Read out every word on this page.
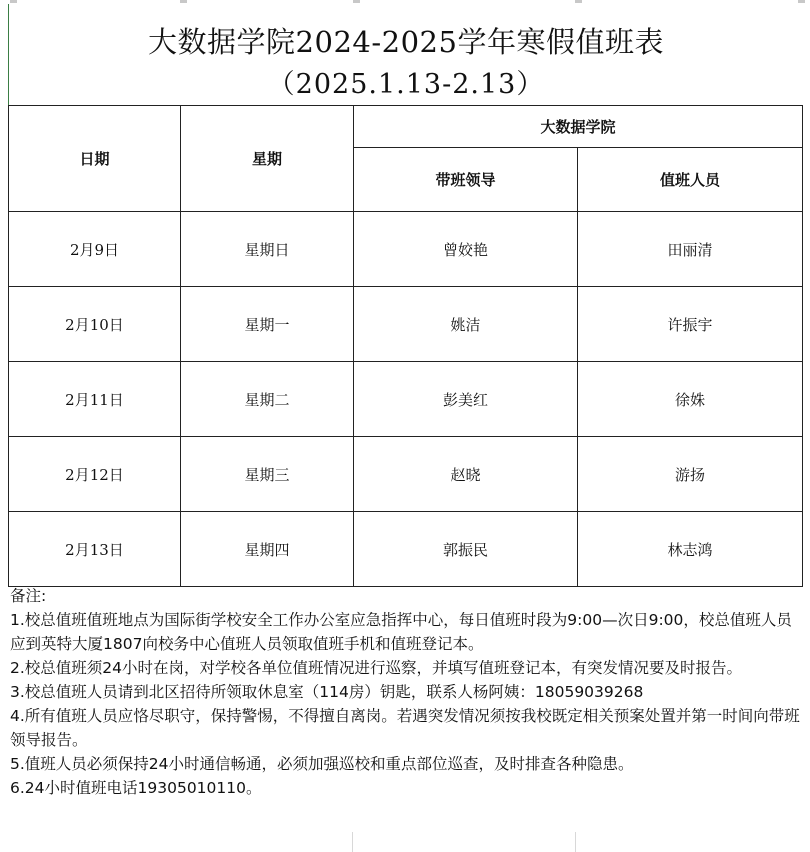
大数据学院2024-2025学年寒假值班表
（2025.1.13-2.13）
日期	星期	大数据学院	
		带班领导	值班人员
2月9日	星期日	曾姣艳	田丽清
2月10日	星期一	姚洁	许振宇
2月11日	星期二	彭美红	徐姝
2月12日	星期三	赵晓	游扬
2月13日	星期四	郭振民	林志鸿

备注:

1.校总值班值班地点为国际街学校安全工作办公室应急指挥中心，每日值班时段为9:00—次日9:00，校总值班人员应到英特大厦1807向校务中心值班人员领取值班手机和值班登记本。

2.校总值班须24小时在岗，对学校各单位值班情况进行巡察，并填写值班登记本，有突发情况要及时报告。

3.校总值班人员请到北区招待所领取休息室（114房）钥匙，联系人杨阿姨：18059039268

4.所有值班人员应恪尽职守，保持警惕，不得擅自离岗。若遇突发情况须按我校既定相关预案处置并第一时间向带班领导报告。

5.值班人员必须保持24小时通信畅通，必须加强巡校和重点部位巡查，及时排查各种隐患。

6.24小时值班电话19305010110。
